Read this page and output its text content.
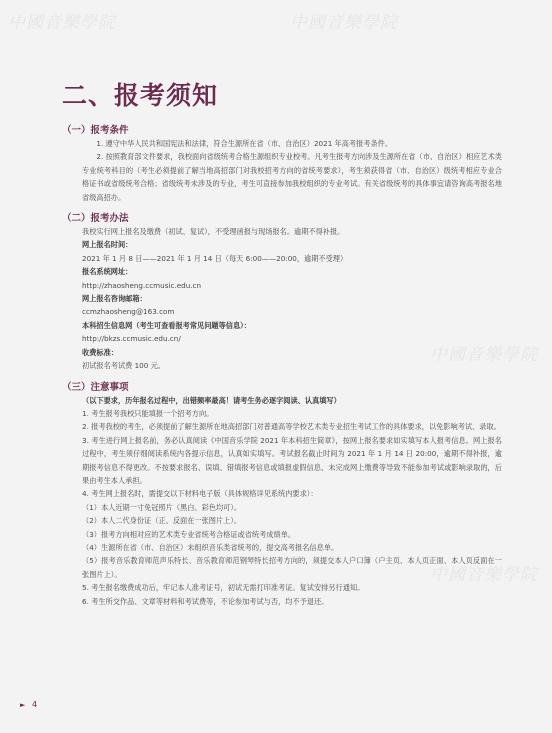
中國音樂學院	中國音樂學院
中國音樂學院
中國音樂學院
二、报考须知
（一）报考条件

1. 遵守中华人民共和国宪法和法律，符合生源所在省（市、自治区）2021 年高考报考条件。

2. 按照教育部文件要求，我校面向省级统考合格生源组织专业校考。凡考生报考方向涉及生源所在省（市、自治区）相应艺术类专业统考科目的（考生必须提前了解当地高招部门对我校招考方向的省统考要求），考生须获得省（市、自治区）级统考相应专业合格证书或省级统考合格；省级统考未涉及的专业，考生可直接参加我校组织的专业考试。有关省级统考的具体事宜请咨询高考报名地省级高招办。

（二）报考办法

我校实行网上报名及缴费（初试、复试），不受理函报与现场报名。逾期不得补报。

网上报名时间：

2021 年 1 月 8 日——2021 年 1 月 14 日（每天 6:00——20:00，逾期不受理）

报名系统网址：

http://zhaosheng.ccmusic.edu.cn

网上报名咨询邮箱：

ccmzhaosheng@163.com

本科招生信息网（考生可查看报考常见问题等信息）：

http://bkzs.ccmusic.edu.cn/

收费标准：

初试报名考试费 100 元。

（三）注意事项

（以下要求，历年报名过程中，出错频率最高！请考生务必逐字阅读、认真填写）

1. 考生报考我校只能填报一个招考方向。

2. 报考我校的考生，必须提前了解生源所在地高招部门对普通高等学校艺术类专业招生考试工作的具体要求，以免影响考试、录取。

3. 考生进行网上报名前，务必认真阅读《中国音乐学院 2021 年本科招生简章》，按网上报名要求如实填写本人报考信息。网上报名过程中，考生须仔细阅读系统内各提示信息，认真如实填写。考试报名截止时间为 2021 年 1 月 14 日 20:00，逾期不得补报，逾期报考信息不得更改。不按要求报名、误填、错填报考信息或填报虚假信息、未完成网上缴费等导致不能参加考试或影响录取的，后果由考生本人承担。

4. 考生网上报名时，需提交以下材料电子版（具体规格详见系统内要求）：

（1）本人近期一寸免冠照片（黑白、彩色均可）。

（2）本人二代身份证（正、反面在一张图片上）。

（3）报考方向相对应的艺术类专业省统考合格证或省统考成绩单。

（4）生源所在省（市、自治区）未组织音乐类省统考的，提交高考报名信息单。

（5）报考音乐教育师范声乐特长、音乐教育师范钢琴特长招考方向的，须提交本人户口簿（户主页、本人页正面、本人页反面在一张图片上）。

5. 考生报名缴费成功后，牢记本人准考证号，初试无需打印准考证。复试安排另行通知。

6. 考生所交作品、文章等材料和考试费等，不论参加考试与否，均不予退还。

► 4
